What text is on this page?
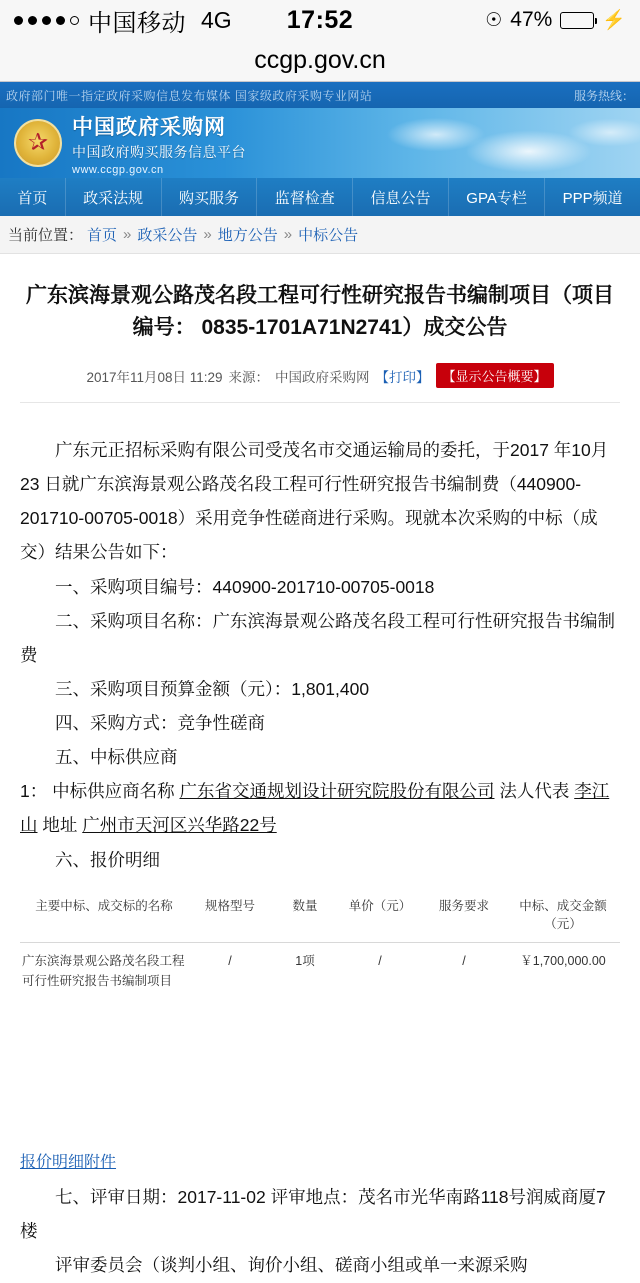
中国移动 4G	17:52	☉ 47%	⚡
ccgp.gov.cn
政府部门唯一指定政府采购信息发布媒体 国家级政府采购专业网站	服务热线：
✰
中国政府采购网
中国政府购买服务信息平台
www.ccgp.gov.cn
首页	政采法规	购买服务	监督检查	信息公告	GPA专栏	PPP频道
当前位置： 首页 » 政采公告 » 地方公告 » 中标公告
广东滨海景观公路茂名段工程可行性研究报告书编制项目（项目编号： 0835-1701A71N2741）成交公告
2017年11月08日 11:29 来源： 中国政府采购网 【打印】	【显示公告概要】

广东元正招标采购有限公司受茂名市交通运输局的委托，于2017 年10月23 日就广东滨海景观公路茂名段工程可行性研究报告书编制费（440900-201710-00705-0018）采用竞争性磋商进行采购。现就本次采购的中标（成交）结果公告如下：

一、采购项目编号：440900-201710-00705-0018

二、采购项目名称：广东滨海景观公路茂名段工程可行性研究报告书编制费

三、采购项目预算金额（元）：1,801,400

四、采购方式：竞争性磋商

五、中标供应商

1： 中标供应商名称 广东省交通规划设计研究院股份有限公司 法人代表 李江山 地址 广州市天河区兴华路22号

六、报价明细

主要中标、成交标的名称	规格型号	数量	单价（元）	服务要求	中标、成交金额（元）
广东滨海景观公路茂名段工程可行性研究报告书编制项目	/	1项	/	/	￥1,700,000.00
报价明细附件

七、评审日期：2017-11-02 评审地点：茂名市光华南路118号润威商厦7楼

评审委员会（谈判小组、询价小组、磋商小组或单一来源采购
